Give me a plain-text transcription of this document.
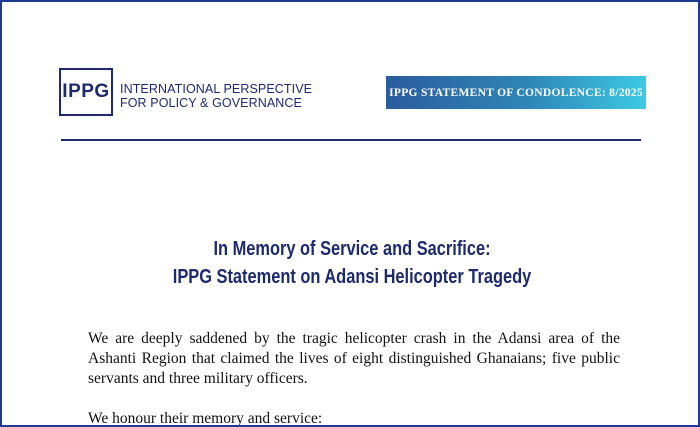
IPPG INTERNATIONAL PERSPECTIVE
FOR POLICY & GOVERNANCE
IPPG STATEMENT OF CONDOLENCE: 8/2025
In Memory of Service and Sacrifice:
IPPG Statement on Adansi Helicopter Tragedy

We are deeply saddened by the tragic helicopter crash in the Adansi area of the Ashanti Region that claimed the lives of eight distinguished Ghanaians; five public servants and three military officers.

We honour their memory and service:
